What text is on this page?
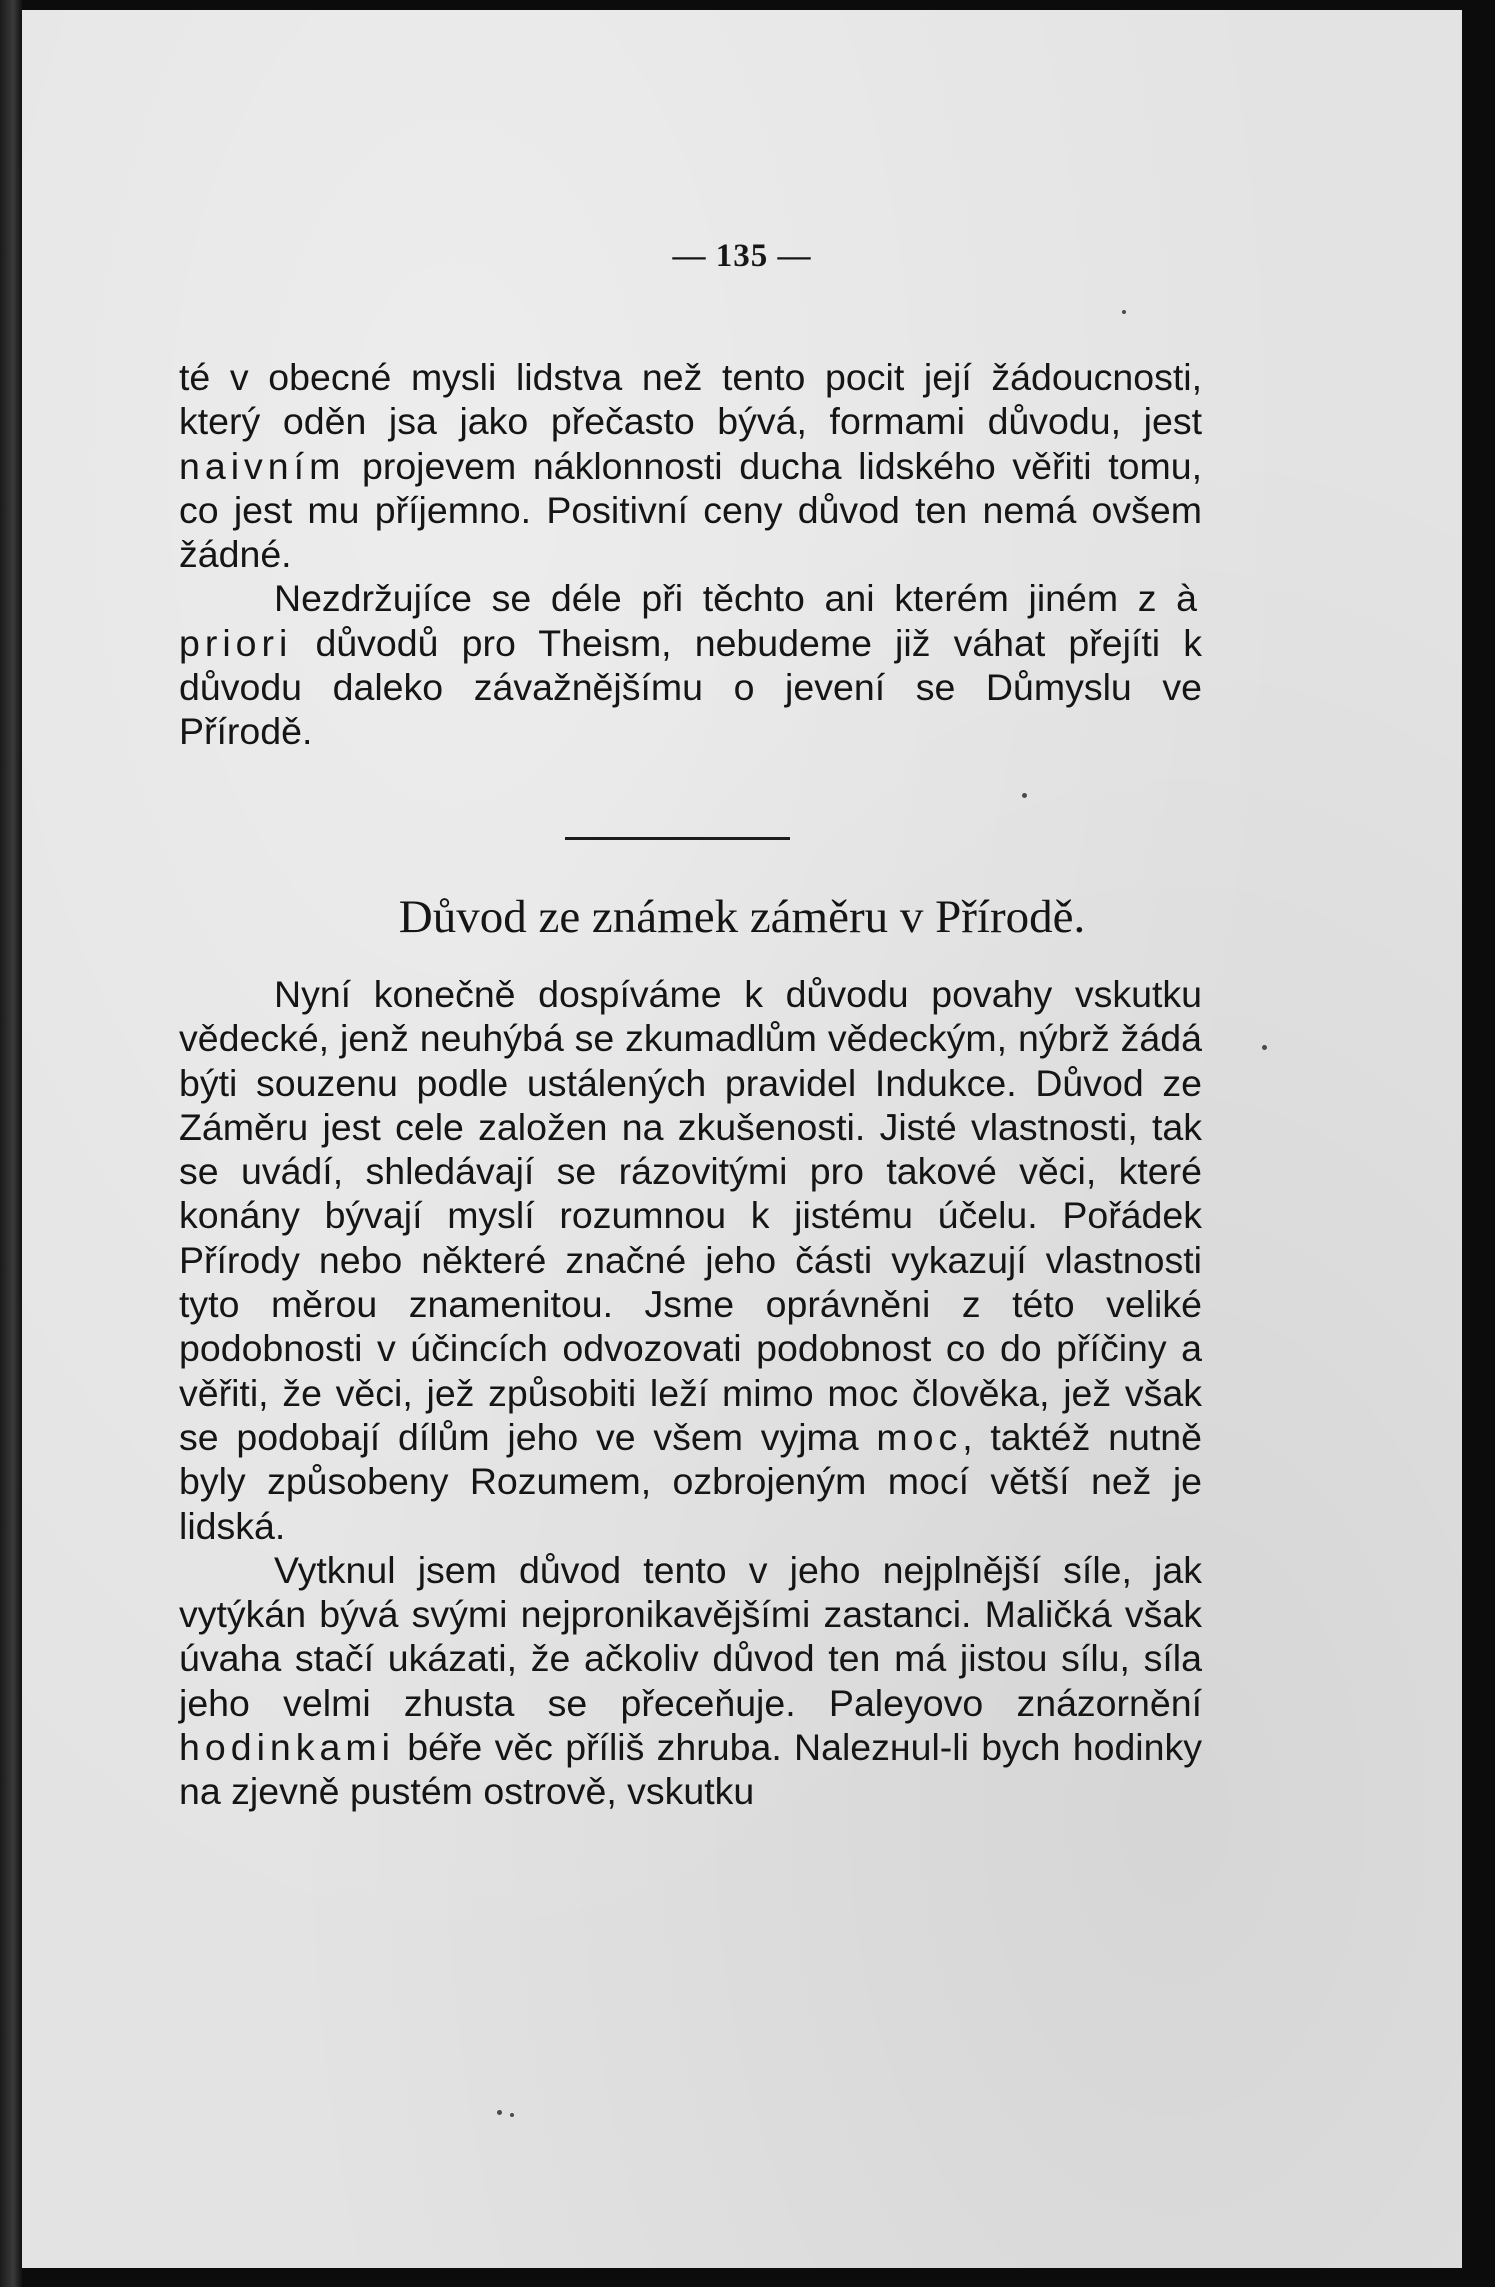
— 135 —

té v obecné mysli lidstva než tento pocit její žádoucnosti, který oděn jsa jako přečasto bývá, formami důvodu, jest naivním projevem náklonnosti ducha lidského věřiti tomu, co jest mu příjemno. Positivní ceny důvod ten nemá ovšem žádné.

Nezdržujíce se déle při těchto ani kterém jiném z à priori důvodů pro Theism, nebudeme již váhat přejíti k důvodu daleko závažnějšímu o jevení se Důmyslu ve Přírodě.

Důvod ze známek záměru v Přírodě.

Nyní konečně dospíváme k důvodu povahy vskutku vědecké, jenž neuhýbá se zkumadlům vědeckým, nýbrž žádá býti souzenu podle ustálených pravidel Indukce. Důvod ze Záměru jest cele založen na zkušenosti. Jisté vlastnosti, tak se uvádí, shledávají se rázovitými pro takové věci, které konány bývají myslí rozumnou k jistému účelu. Pořádek Přírody nebo některé značné jeho části vykazují vlastnosti tyto měrou znamenitou. Jsme oprávněni z této veliké podobnosti v účincích odvozovati podobnost co do příčiny a věřiti, že věci, jež způsobiti leží mimo moc člověka, jež však se podobají dílům jeho ve všem vyjma moc, taktéž nutně byly způsobeny Rozumem, ozbrojeným mocí větší než je lidská.

Vytknul jsem důvod tento v jeho nejplnější síle, jak vytýkán bývá svými nejpronikavějšími zastanci. Maličká však úvaha stačí ukázati, že ačkoliv důvod ten má jistou sílu, síla jeho velmi zhusta se přeceňuje. Paleyovo znázornění hodinkami béře věc příliš zhruba. Nalezнul-li bych hodinky na zjevně pustém ostrově, vskutku
